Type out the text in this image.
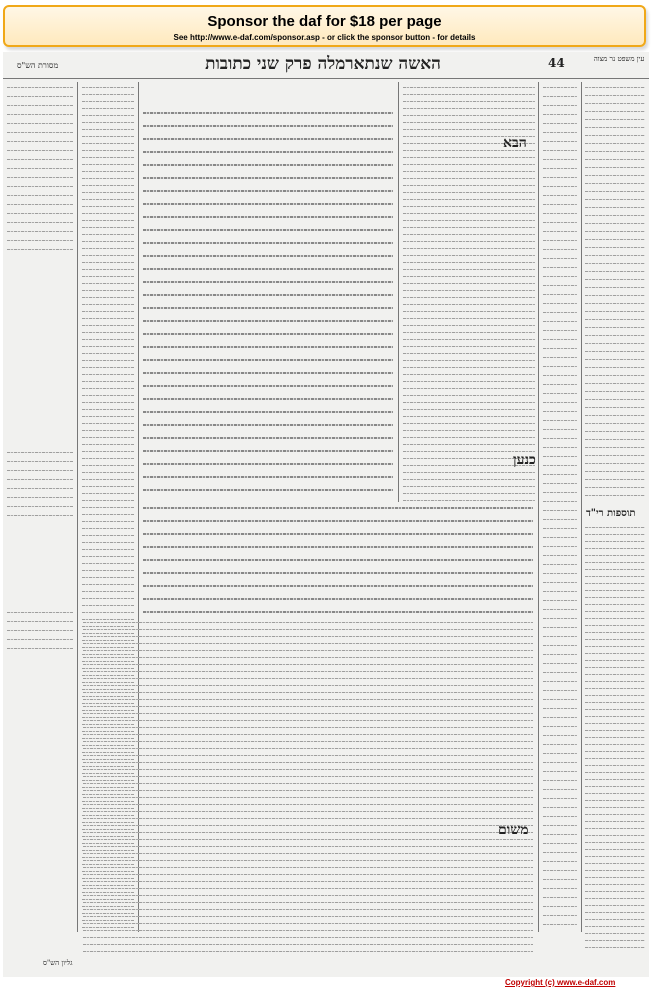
Sponsor the daf for $18 per page
See http://www.e-daf.com/sponsor.asp - or click the sponsor button - for details
מסורת הש"ס	האשה שנתארמלה פרק שני כתובות	44	עין משפט נר מצוה
הבא
כנען
משום
תוספות רי"ד
גליון הש"ס
Copyright (c) www.e-daf.com
